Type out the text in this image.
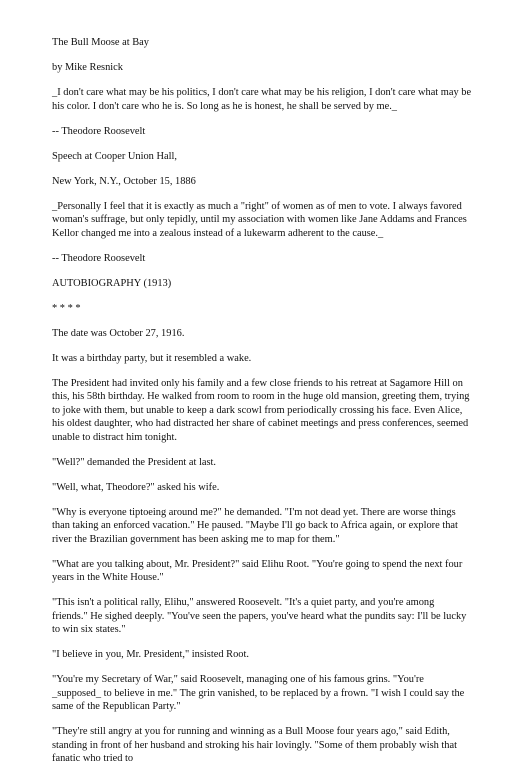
The Bull Moose at Bay

by Mike Resnick

_I don't care what may be his politics, I don't care what may be his religion, I don't care what may be his color. I don't care who he is. So long as he is honest, he shall be served by me._

-- Theodore Roosevelt

Speech at Cooper Union Hall,

New York, N.Y., October 15, 1886

_Personally I feel that it is exactly as much a "right" of women as of men to vote. I always favored woman's suffrage, but only tepidly, until my association with women like Jane Addams and Frances Kellor changed me into a zealous instead of a lukewarm adherent to the cause._

-- Theodore Roosevelt

AUTOBIOGRAPHY (1913)

* * * *

The date was October 27, 1916.

It was a birthday party, but it resembled a wake.

The President had invited only his family and a few close friends to his retreat at Sagamore Hill on this, his 58th birthday. He walked from room to room in the huge old mansion, greeting them, trying to joke with them, but unable to keep a dark scowl from periodically crossing his face. Even Alice, his oldest daughter, who had distracted her share of cabinet meetings and press conferences, seemed unable to distract him tonight.

"Well?" demanded the President at last.

"Well, what, Theodore?" asked his wife.

"Why is everyone tiptoeing around me?" he demanded. "I'm not dead yet. There are worse things than taking an enforced vacation." He paused. "Maybe I'll go back to Africa again, or explore that river the Brazilian government has been asking me to map for them."

"What are you talking about, Mr. President?" said Elihu Root. "You're going to spend the next four years in the White House."

"This isn't a political rally, Elihu," answered Roosevelt. "It's a quiet party, and you're among friends." He sighed deeply. "You've seen the papers, you've heard what the pundits say: I'll be lucky to win six states."

"I believe in you, Mr. President," insisted Root.

"You're my Secretary of War," said Roosevelt, managing one of his famous grins. "You're _supposed_ to believe in me." The grin vanished, to be replaced by a frown. "I wish I could say the same of the Republican Party."

"They're still angry at you for running and winning as a Bull Moose four years ago," said Edith, standing in front of her husband and stroking his hair lovingly. "Some of them probably wish that fanatic who tried to
